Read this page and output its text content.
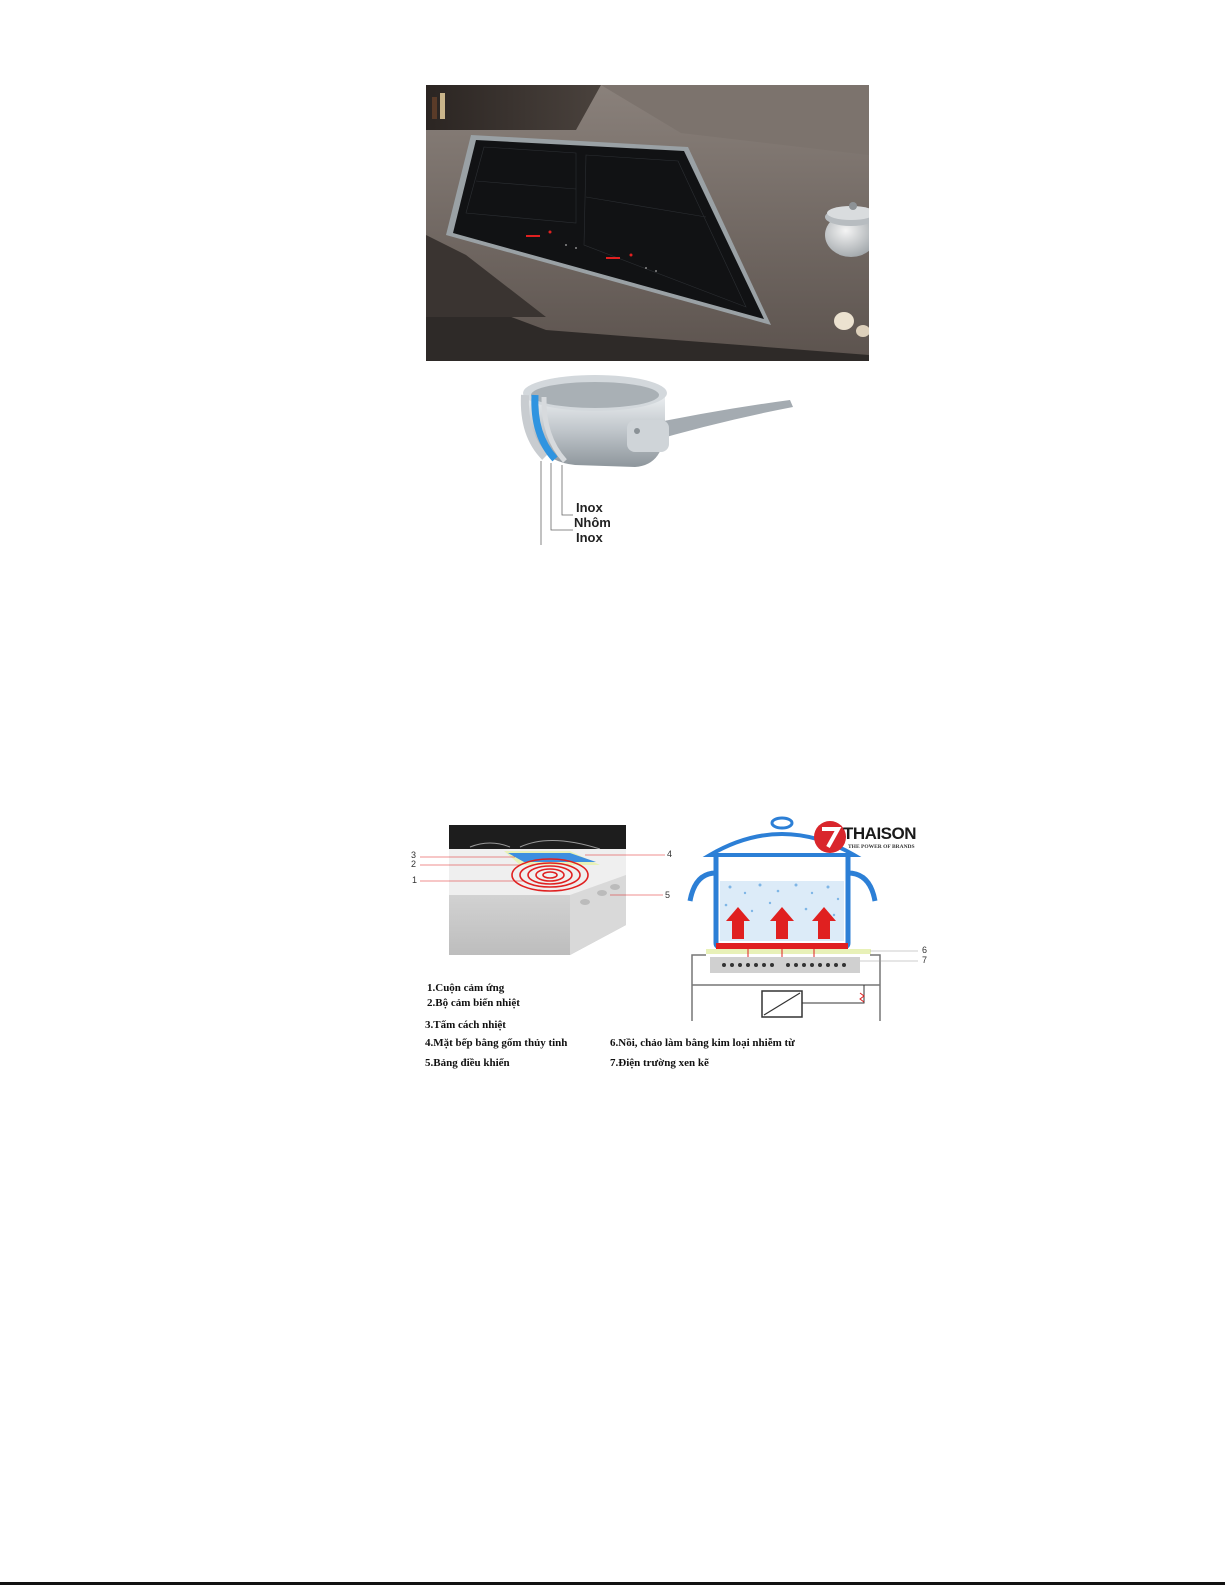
Inox
Nhôm
Inox
THAISON
THE POWER OF BRANDS
3
2
1
4
5
6
7
1.Cuộn cảm ứng
2.Bộ cảm biến nhiệt
3.Tấm cách nhiệt
4.Mặt bếp bằng gốm thủy tinh
5.Bảng điều khiển
6.Nồi, chảo làm bằng kim loại nhiễm từ
7.Điện trường xen kẽ
